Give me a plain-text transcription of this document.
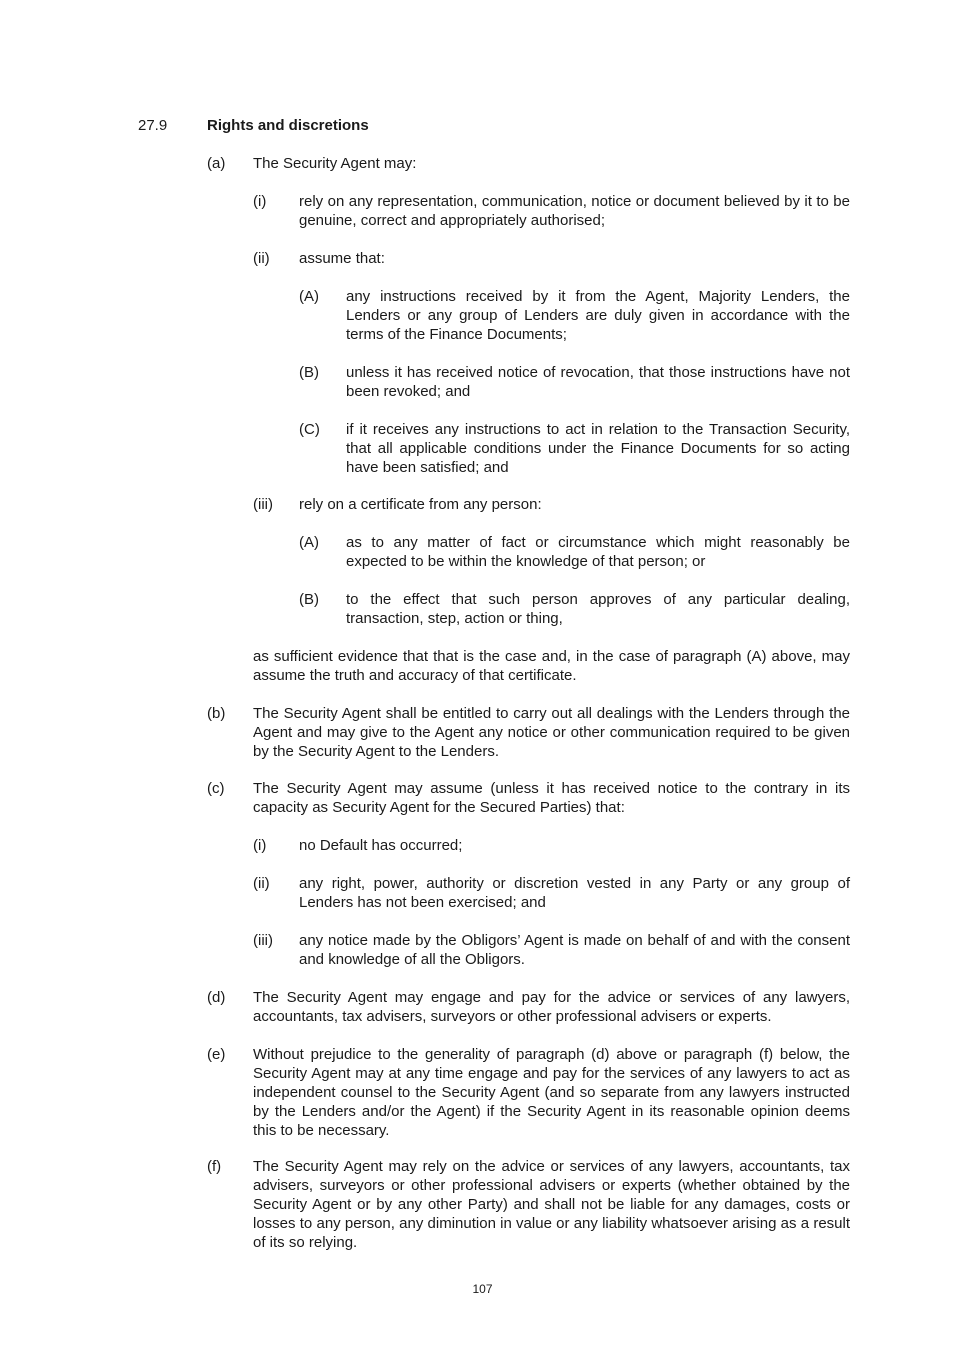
27.9	Rights and discretions
(a) The Security Agent may:
(i) rely on any representation, communication, notice or document believed by it to be genuine, correct and appropriately authorised;
(ii) assume that:
(A) any instructions received by it from the Agent, Majority Lenders, the Lenders or any group of Lenders are duly given in accordance with the terms of the Finance Documents;
(B) unless it has received notice of revocation, that those instructions have not been revoked; and
(C) if it receives any instructions to act in relation to the Transaction Security, that all applicable conditions under the Finance Documents for so acting have been satisfied; and
(iii) rely on a certificate from any person:
(A) as to any matter of fact or circumstance which might reasonably be expected to be within the knowledge of that person; or
(B) to the effect that such person approves of any particular dealing, transaction, step, action or thing,
as sufficient evidence that that is the case and, in the case of paragraph (A) above, may assume the truth and accuracy of that certificate.
(b) The Security Agent shall be entitled to carry out all dealings with the Lenders through the Agent and may give to the Agent any notice or other communication required to be given by the Security Agent to the Lenders.
(c) The Security Agent may assume (unless it has received notice to the contrary in its capacity as Security Agent for the Secured Parties) that:
(i) no Default has occurred;
(ii) any right, power, authority or discretion vested in any Party or any group of Lenders has not been exercised; and
(iii) any notice made by the Obligors’ Agent is made on behalf of and with the consent and knowledge of all the Obligors.
(d) The Security Agent may engage and pay for the advice or services of any lawyers, accountants, tax advisers, surveyors or other professional advisers or experts.
(e) Without prejudice to the generality of paragraph (d) above or paragraph (f) below, the Security Agent may at any time engage and pay for the services of any lawyers to act as independent counsel to the Security Agent (and so separate from any lawyers instructed by the Lenders and/or the Agent) if the Security Agent in its reasonable opinion deems this to be necessary.
(f) The Security Agent may rely on the advice or services of any lawyers, accountants, tax advisers, surveyors or other professional advisers or experts (whether obtained by the Security Agent or by any other Party) and shall not be liable for any damages, costs or losses to any person, any diminution in value or any liability whatsoever arising as a result of its so relying.
107
